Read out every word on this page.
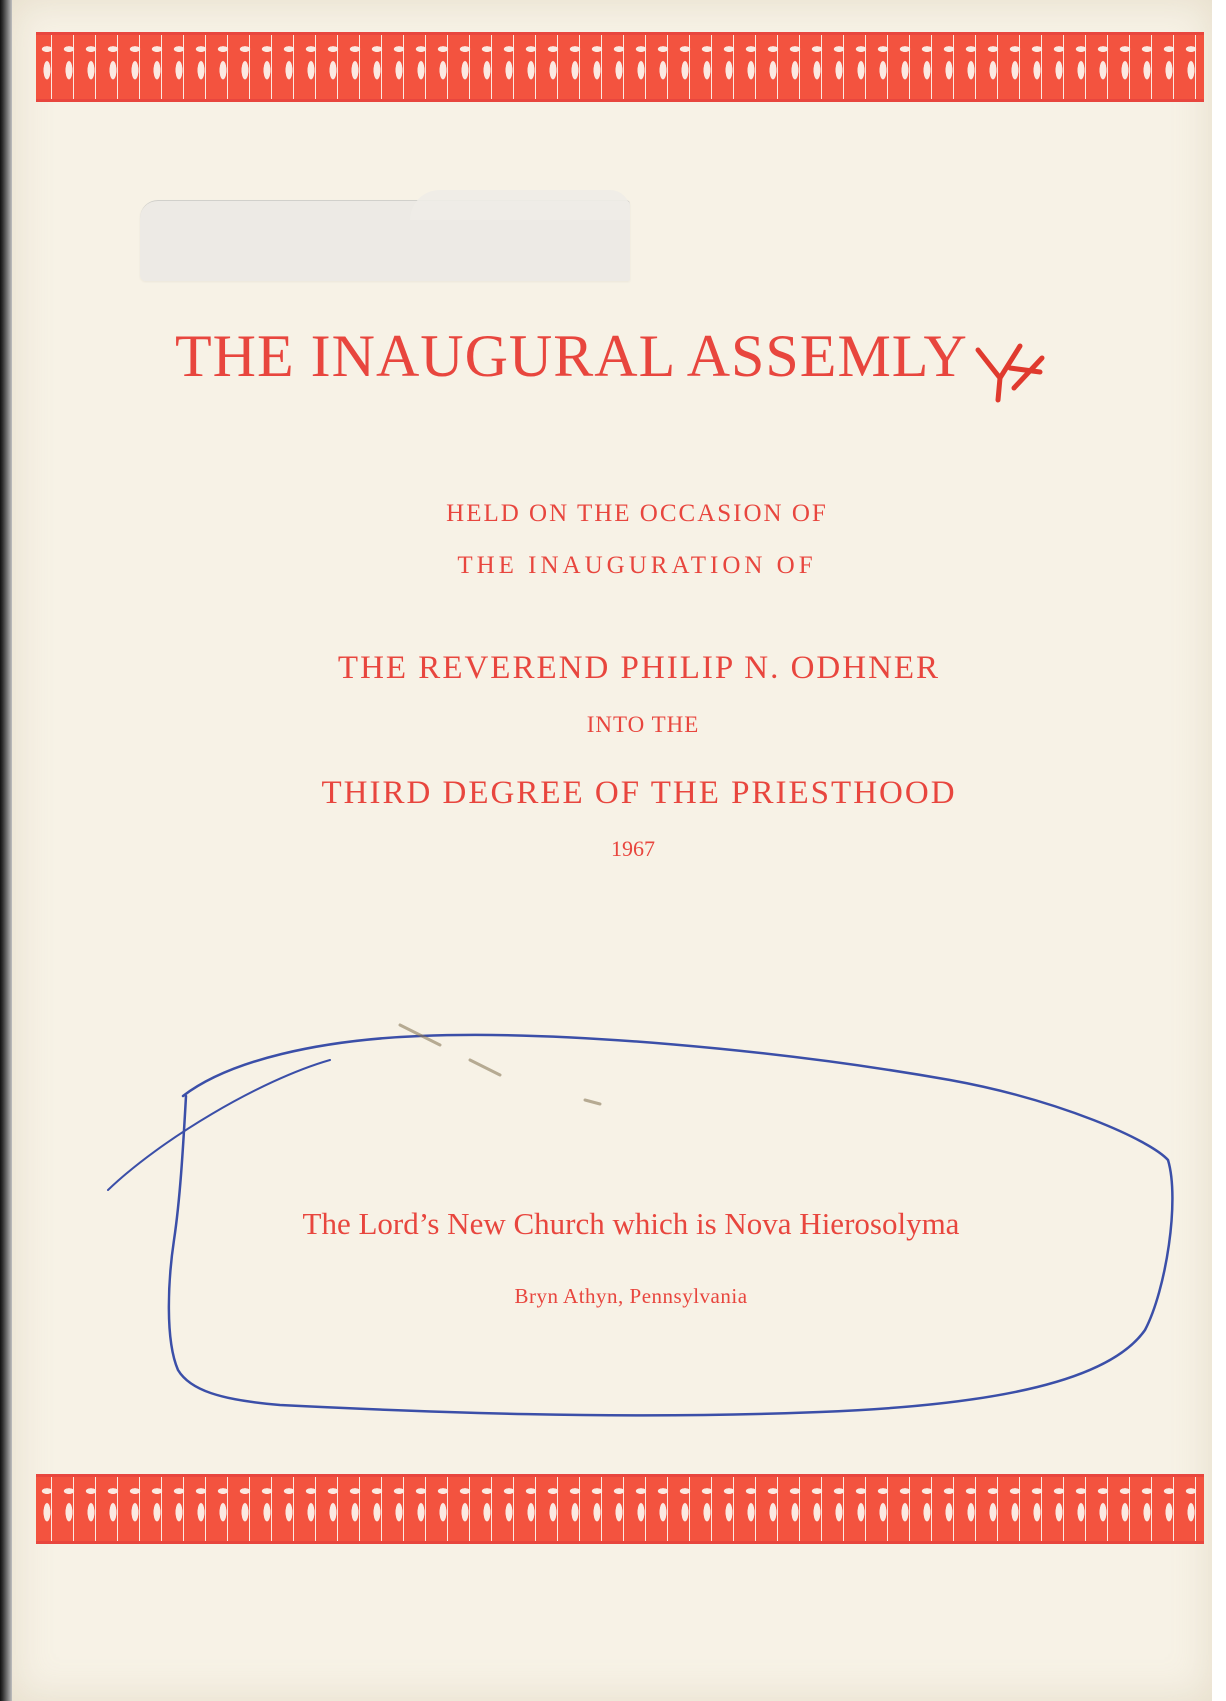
THE INAUGURAL ASSEMLY
HELD ON THE OCCASION OF
THE INAUGURATION OF
THE REVEREND PHILIP N. ODHNER
INTO THE
THIRD DEGREE OF THE PRIESTHOOD
1967
The Lord’s New Church which is Nova Hierosolyma
Bryn Athyn, Pennsylvania
